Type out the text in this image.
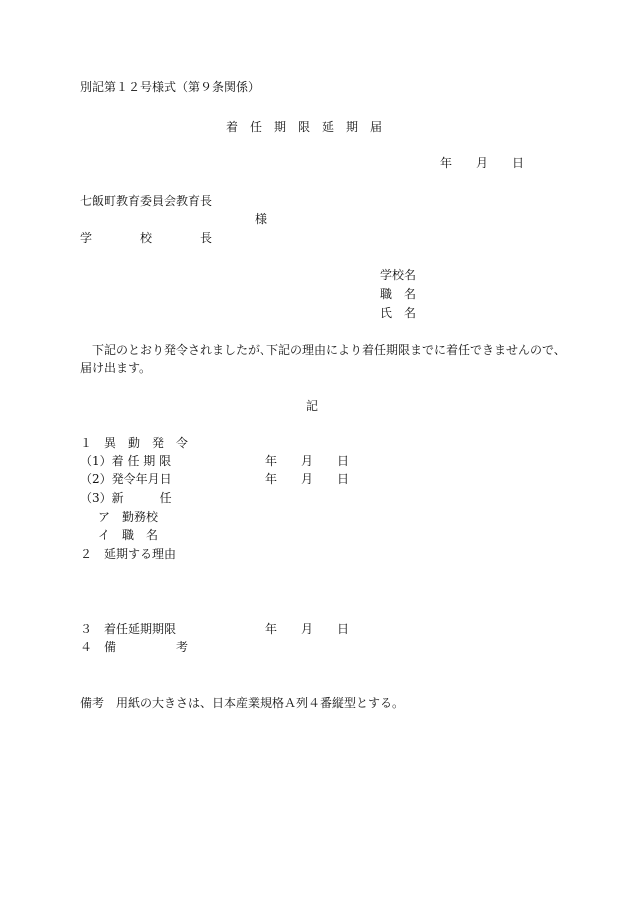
別記第１２号様式（第９条関係）
着　任　期　限　延　期　届
年　　月　　日
七飯町教育委員会教育長
様
学　　　　校　　　　長
学校名
職　名
氏　名
　下記のとおり発令されましたが､下記の理由により着任期限までに着任できませんので、
届け出ます。
記
１　異　動　発　令
（1）着 任 期 限	年　　月　　日
（2）発令年月日	年　　月　　日
（3）新　　　任
ア　勤務校
イ　職　名
２　延期する理由
３　着任延期期限	年　　月　　日
４　備　　　　　考
備考　用紙の大きさは、日本産業規格Ａ列４番縦型とする。
